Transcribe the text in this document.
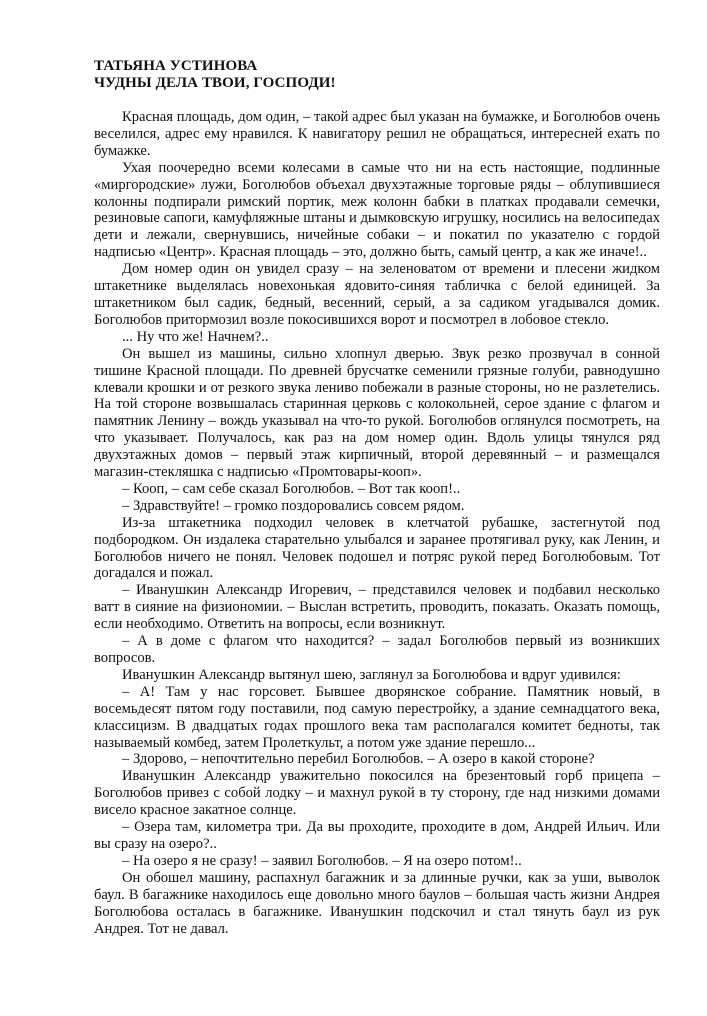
ТАТЬЯНА УСТИНОВА
ЧУДНЫ ДЕЛА ТВОИ, ГОСПОДИ!

Красная площадь, дом один, – такой адрес был указан на бумажке, и Боголюбов очень веселился, адрес ему нравился. К навигатору решил не обращаться, интересней ехать по бумажке.

Ухая поочередно всеми колесами в самые что ни на есть настоящие, подлинные «миргородские» лужи, Боголюбов объехал двухэтажные торговые ряды – облупившиеся колонны подпирали римский портик, меж колонн бабки в платках продавали семечки, резиновые сапоги, камуфляжные штаны и дымковскую игрушку, носились на велосипедах дети и лежали, свернувшись, ничейные собаки – и покатил по указателю с гордой надписью «Центр». Красная площадь – это, должно быть, самый центр, а как же иначе!..

Дом номер один он увидел сразу – на зеленоватом от времени и плесени жидком штакетнике выделялась новехонькая ядовито-синяя табличка с белой единицей. За штакетником был садик, бедный, весенний, серый, а за садиком угадывался домик. Боголюбов притормозил возле покосившихся ворот и посмотрел в лобовое стекло.

... Ну что же! Начнем?..

Он вышел из машины, сильно хлопнул дверью. Звук резко прозвучал в сонной тишине Красной площади. По древней брусчатке семенили грязные голуби, равнодушно клевали крошки и от резкого звука лениво побежали в разные стороны, но не разлетелись. На той стороне возвышалась старинная церковь с колокольней, серое здание с флагом и памятник Ленину – вождь указывал на что-то рукой. Боголюбов оглянулся посмотреть, на что указывает. Получалось, как раз на дом номер один. Вдоль улицы тянулся ряд двухэтажных домов – первый этаж кирпичный, второй деревянный – и размещался магазин-стекляшка с надписью «Промтовары-кооп».

– Кооп, – сам себе сказал Боголюбов. – Вот так кооп!..

– Здравствуйте! – громко поздоровались совсем рядом.

Из-за штакетника подходил человек в клетчатой рубашке, застегнутой под подбородком. Он издалека старательно улыбался и заранее протягивал руку, как Ленин, и Боголюбов ничего не понял. Человек подошел и потряс рукой перед Боголюбовым. Тот догадался и пожал.

– Иванушкин Александр Игоревич, – представился человек и подбавил несколько ватт в сияние на физиономии. – Выслан встретить, проводить, показать. Оказать помощь, если необходимо. Ответить на вопросы, если возникнут.

– А в доме с флагом что находится? – задал Боголюбов первый из возникших вопросов.

Иванушкин Александр вытянул шею, заглянул за Боголюбова и вдруг удивился:

– А! Там у нас горсовет. Бывшее дворянское собрание. Памятник новый, в восемьдесят пятом году поставили, под самую перестройку, а здание семнадцатого века, классицизм. В двадцатых годах прошлого века там располагался комитет бедноты, так называемый комбед, затем Пролеткульт, а потом уже здание перешло...

– Здорово, – непочтительно перебил Боголюбов. – А озеро в какой стороне?

Иванушкин Александр уважительно покосился на брезентовый горб прицепа – Боголюбов привез с собой лодку – и махнул рукой в ту сторону, где над низкими домами висело красное закатное солнце.

– Озера там, километра три. Да вы проходите, проходите в дом, Андрей Ильич. Или вы сразу на озеро?..

– На озеро я не сразу! – заявил Боголюбов. – Я на озеро потом!..

Он обошел машину, распахнул багажник и за длинные ручки, как за уши, выволок баул. В багажнике находилось еще довольно много баулов – большая часть жизни Андрея Боголюбова осталась в багажнике. Иванушкин подскочил и стал тянуть баул из рук Андрея. Тот не давал.
